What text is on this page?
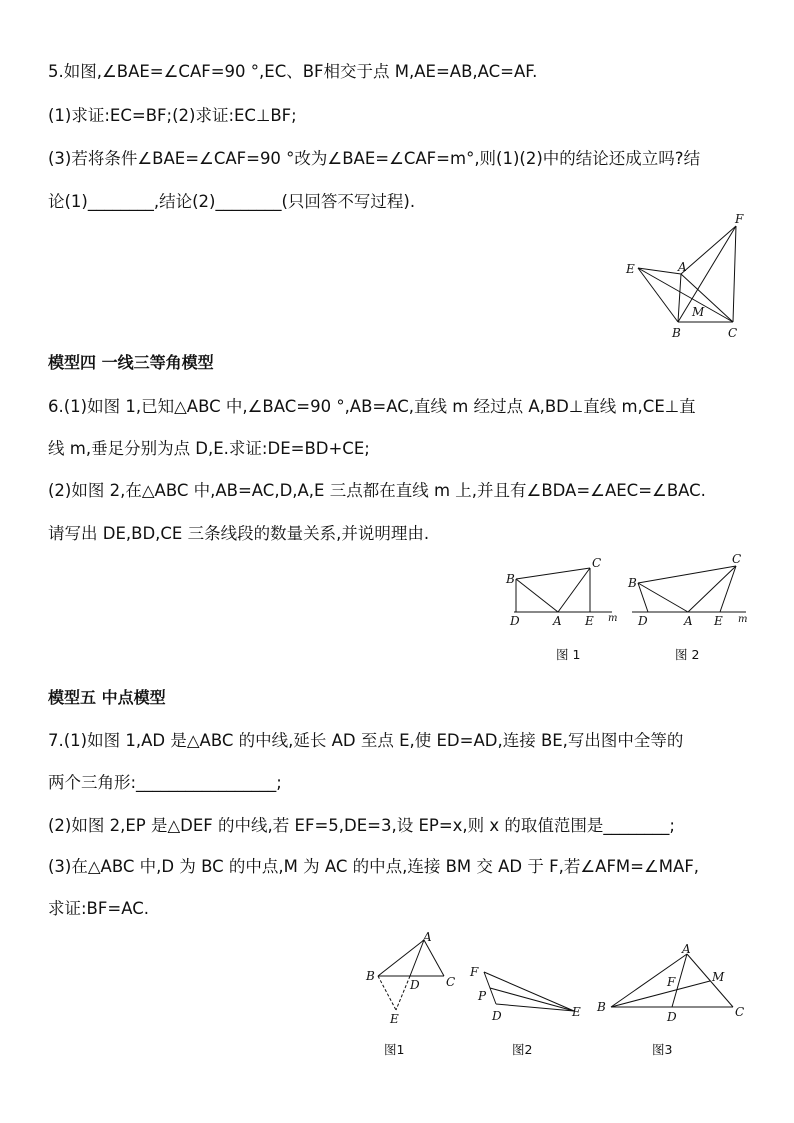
5.如图,∠BAE=∠CAF=90 °,EC、BF相交于点 M,AE=AB,AC=AF.
(1)求证:EC=BF;(2)求证:EC⊥BF;
(3)若将条件∠BAE=∠CAF=90 °改为∠BAE=∠CAF=m°,则(1)(2)中的结论还成立吗?结
论(1)________,结论(2)________(只回答不写过程).
F
E	A
M
B	C
模型四 一线三等角模型
6.(1)如图 1,已知△ABC 中,∠BAC=90 °,AB=AC,直线 m 经过点 A,BD⊥直线 m,CE⊥直
线 m,垂足分别为点 D,E.求证:DE=BD+CE;
(2)如图 2,在△ABC 中,AB=AC,D,A,E 三点都在直线 m 上,并且有∠BDA=∠AEC=∠BAC.
请写出 DE,BD,CE 三条线段的数量关系,并说明理由.
B
C
D	A E m
图 1
B
C
D	A E m
图 2
模型五 中点模型
7.(1)如图 1,AD 是△ABC 的中线,延长 AD 至点 E,使 ED=AD,连接 BE,写出图中全等的
两个三角形:_________________;
(2)如图 2,EP 是△DEF 的中线,若 EF=5,DE=3,设 EP=x,则 x 的取值范围是________;
(3)在△ABC 中,D 为 BC 的中点,M 为 AC 的中点,连接 BM 交 AD 于 F,若∠AFM=∠MAF,
求证:BF=AC.
A
B	C
D
E
图1
F
P
D	E
图2
A
M
F
B
D	C
图3
